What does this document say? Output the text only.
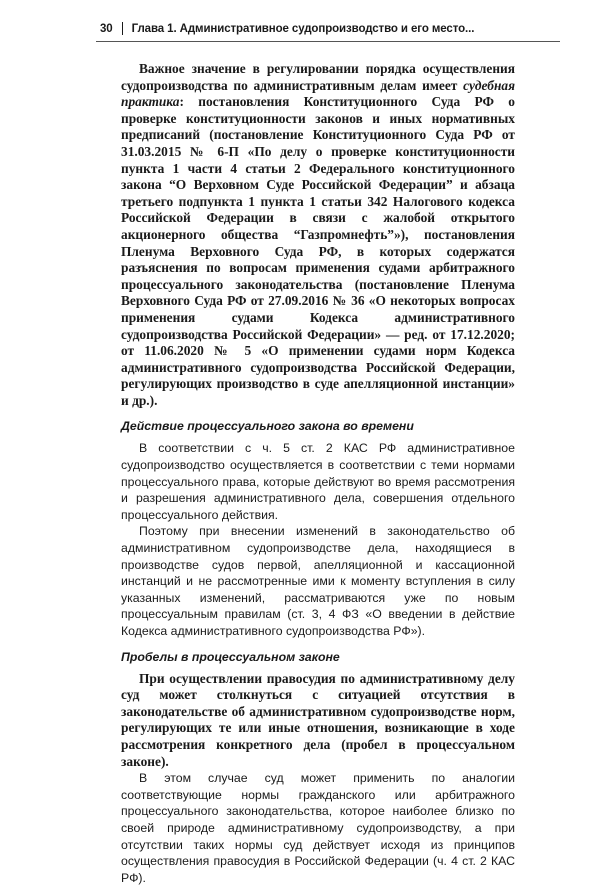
30 Глава 1. Административное судопроизводство и его место...

Важное значение в регулировании порядка осуществления судопроизводства по административным делам имеет судебная практика: постановления Конституционного Суда РФ о проверке конституционности законов и иных нормативных предписаний (постановление Конституционного Суда РФ от 31.03.2015 № 6-П «По делу о проверке конституционности пункта 1 части 4 статьи 2 Федерального конституционного закона “О Верховном Суде Российской Федерации” и абзаца третьего подпункта 1 пункта 1 статьи 342 Налогового кодекса Российской Федерации в связи с жалобой открытого акционерного общества “Газпромнефть”»), постановления Пленума Верховного Суда РФ, в которых содержатся разъяснения по вопросам применения судами арбитражного процессуального законодательства (постановление Пленума Верховного Суда РФ от 27.09.2016 № 36 «О некоторых вопросах применения судами Кодекса административного судопроизводства Российской Федерации» — ред. от 17.12.2020; от 11.06.2020 № 5 «О применении судами норм Кодекса административного судопроизводства Российской Федерации, регулирующих производство в суде апелляционной инстанции» и др.).

Действие процессуального закона во времени

В соответствии с ч. 5 ст. 2 КАС РФ административное судопроизводство осуществляется в соответствии с теми нормами процессуального права, которые действуют во время рассмотрения и разрешения административного дела, совершения отдельного процессуального действия.

Поэтому при внесении изменений в законодательство об административном судопроизводстве дела, находящиеся в производстве судов первой, апелляционной и кассационной инстанций и не рассмотренные ими к моменту вступления в силу указанных изменений, рассматриваются уже по новым процессуальным правилам (ст. 3, 4 ФЗ «О введении в действие Кодекса административного судопроизводства РФ»).

Пробелы в процессуальном законе

При осуществлении правосудия по административному делу суд может столкнуться с ситуацией отсутствия в законодательстве об административном судопроизводстве норм, регулирующих те или иные отношения, возникающие в ходе рассмотрения конкретного дела (пробел в процессуальном законе).

В этом случае суд может применить по аналогии соответствующие нормы гражданского или арбитражного процессуального законодательства, которое наиболее близко по своей природе административному судопроизводству, а при отсутствии таких нормы суд действует исходя из принципов осуществления правосудия в Российской Федерации (ч. 4 ст. 2 КАС РФ).
